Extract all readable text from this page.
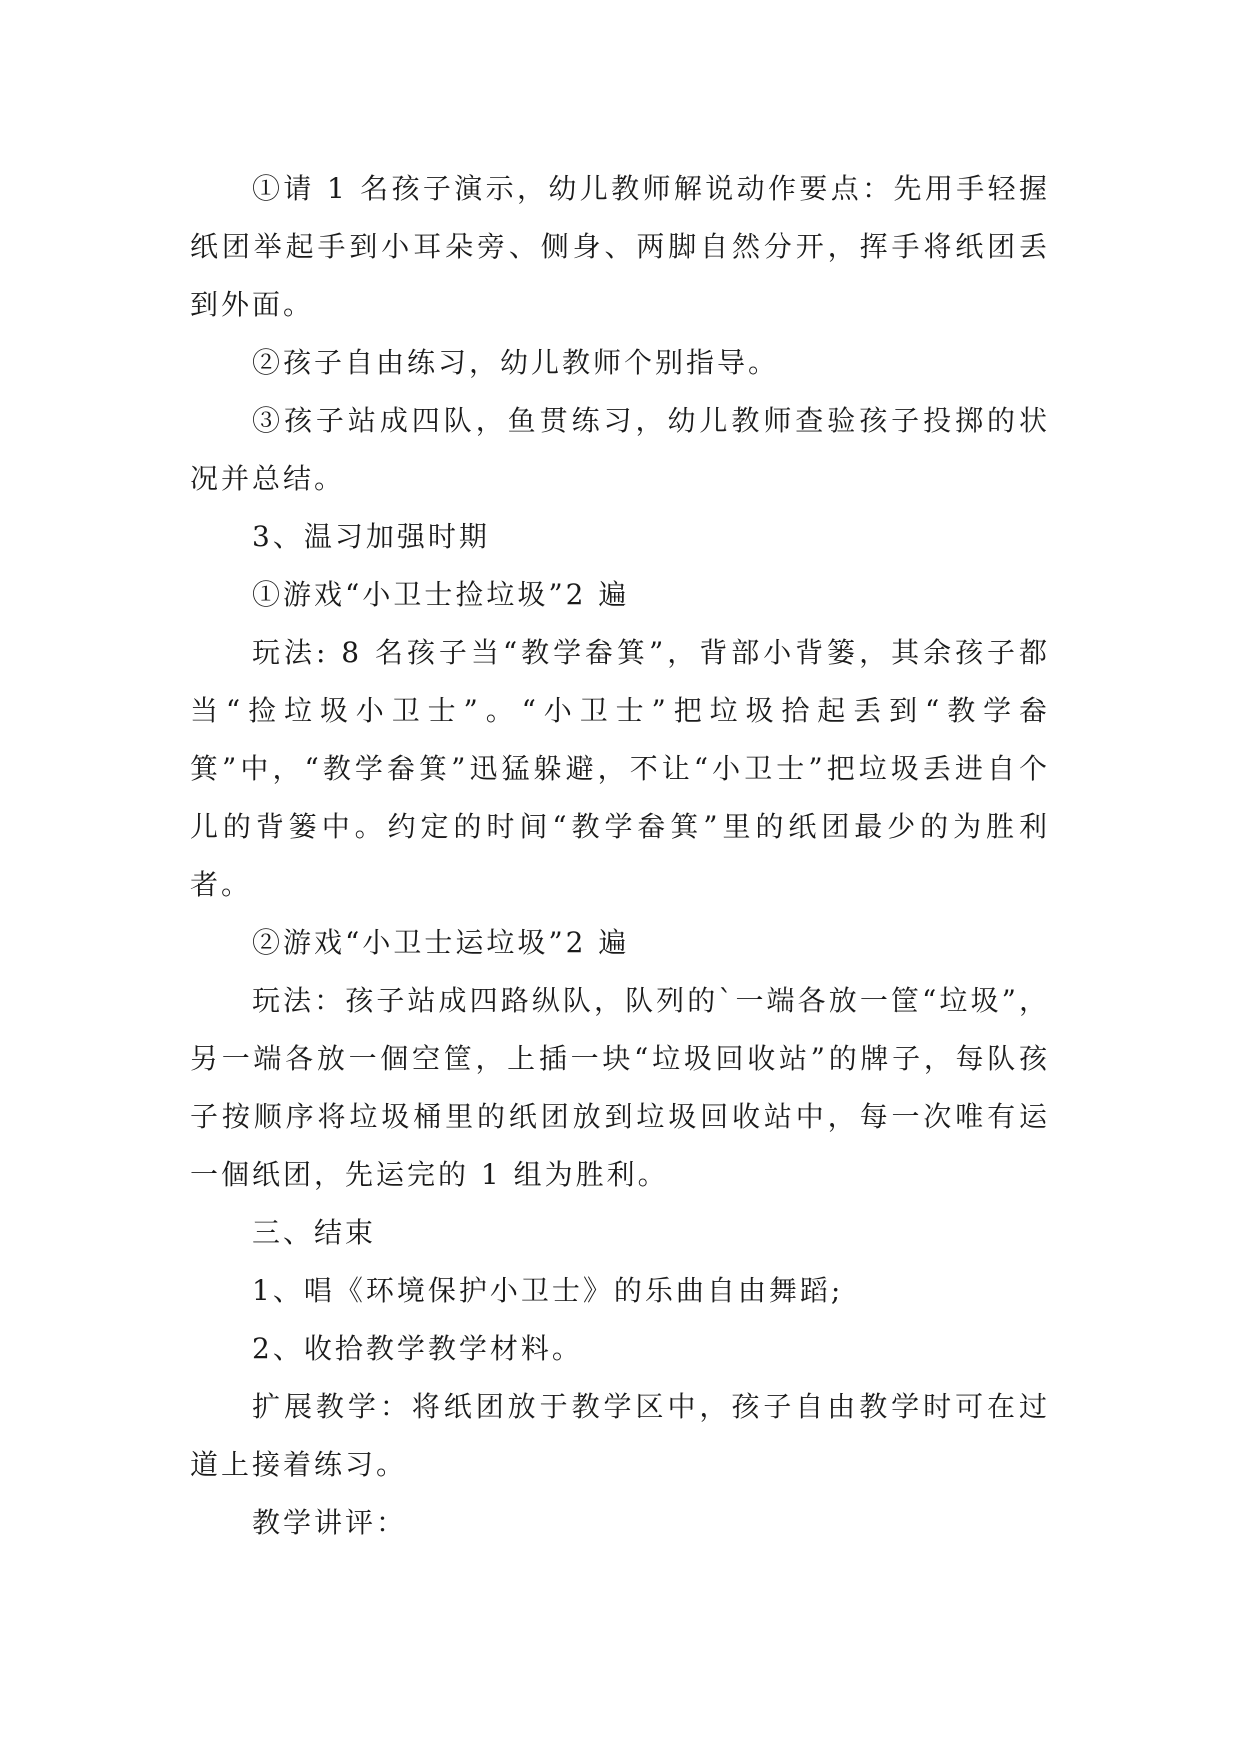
①请 1 名孩子演示，幼儿教师解说动作要点：先用手轻握纸团举起手到小耳朵旁、侧身、两脚自然分开，挥手将纸团丢到外面。

②孩子自由练习，幼儿教师个别指导。

③孩子站成四队，鱼贯练习，幼儿教师查验孩子投掷的状况并总结。

3、温习加强时期

①游戏“小卫士捡垃圾”2 遍

玩法: 8 名孩子当“教学畚箕”，背部小背篓，其余孩子都当“捡垃圾小卫士”。“小卫士”把垃圾拾起丢到“教学畚箕”中，“教学畚箕”迅猛躲避，不让“小卫士”把垃圾丢进自个儿的背篓中。约定的时间“教学畚箕”里的纸团最少的为胜利者。

②游戏“小卫士运垃圾”2 遍

玩法：孩子站成四路纵队，队列的`一端各放一筐“垃圾”，另一端各放一個空筐，上插一块“垃圾回收站”的牌子，每队孩子按顺序将垃圾桶里的纸团放到垃圾回收站中，每一次唯有运一個纸团，先运完的 1 组为胜利。

三、结束

1、唱《环境保护小卫士》的乐曲自由舞蹈;

2、收拾教学教学材料。

扩展教学：将纸团放于教学区中，孩子自由教学时可在过道上接着练习。

教学讲评：
